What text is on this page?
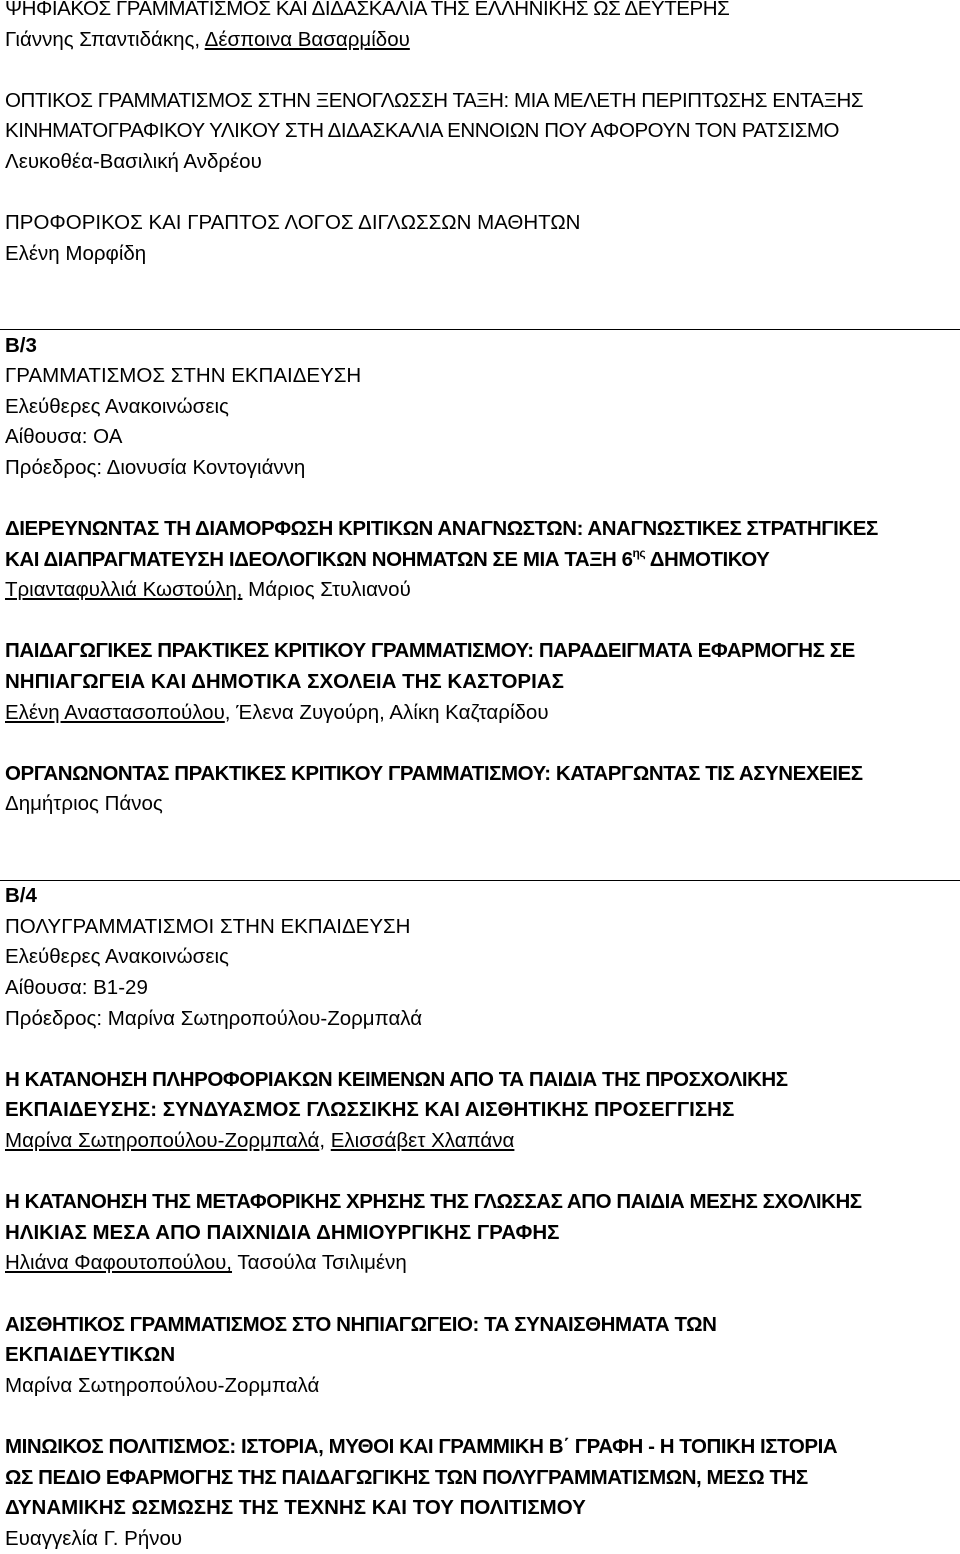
ΨΗΦΙΑΚΟΣ ΓΡΑΜΜΑΤΙΣΜΟΣ ΚΑΙ ΔΙΔΑΣΚΑΛΙΑ ΤΗΣ ΕΛΛΗΝΙΚΗΣ ΩΣ ΔΕΥΤΕΡΗΣ
Γιάννης Σπαντιδάκης, Δέσποινα Βασαρμίδου
ΟΠΤΙΚΟΣ ΓΡΑΜΜΑΤΙΣΜΟΣ ΣΤΗΝ ΞΕΝΟΓΛΩΣΣΗ ΤΑΞΗ: ΜΙΑ ΜΕΛΕΤΗ ΠΕΡΙΠΤΩΣΗΣ ΕΝΤΑΞΗΣ
ΚΙΝΗΜΑΤΟΓΡΑΦΙΚΟΥ ΥΛΙΚΟΥ ΣΤΗ ΔΙΔΑΣΚΑΛΙΑ ΕΝΝΟΙΩΝ ΠΟΥ ΑΦΟΡΟΥΝ ΤΟΝ ΡΑΤΣΙΣΜΟ
Λευκοθέα-Βασιλική Ανδρέου
ΠΡΟΦΟΡΙΚΟΣ ΚΑΙ ΓΡΑΠΤΟΣ ΛΟΓΟΣ ΔΙΓΛΩΣΣΩΝ ΜΑΘΗΤΩΝ
Ελένη Μορφίδη
Β/3
ΓΡΑΜΜΑΤΙΣΜΟΣ ΣΤΗΝ ΕΚΠΑΙΔΕΥΣΗ
Ελεύθερες Ανακοινώσεις
Αίθουσα: ΟΑ
Πρόεδρος: Διονυσία Κοντογιάννη
ΔΙΕΡΕΥΝΩΝΤΑΣ ΤΗ ΔΙΑΜΟΡΦΩΣΗ ΚΡΙΤΙΚΩΝ ΑΝΑΓΝΩΣΤΩΝ: ΑΝΑΓΝΩΣΤΙΚΕΣ ΣΤΡΑΤΗΓΙΚΕΣ
ΚΑΙ ΔΙΑΠΡΑΓΜΑΤΕΥΣΗ ΙΔΕΟΛΟΓΙΚΩΝ ΝΟΗΜΑΤΩΝ ΣΕ ΜΙΑ ΤΑΞΗ $6^{\eta\varsigma}$ ΔΗΜΟΤΙΚΟΥ
Τριανταφυλλιά Κωστούλη, Μάριος Στυλιανού
ΠΑΙΔΑΓΩΓΙΚΕΣ ΠΡΑΚΤΙΚΕΣ ΚΡΙΤΙΚΟΥ ΓΡΑΜΜΑΤΙΣΜΟΥ: ΠΑΡΑΔΕΙΓΜΑΤΑ ΕΦΑΡΜΟΓΗΣ ΣΕ
ΝΗΠΙΑΓΩΓΕΙΑ ΚΑΙ ΔΗΜΟΤΙΚΑ ΣΧΟΛΕΙΑ ΤΗΣ ΚΑΣΤΟΡΙΑΣ
Ελένη Αναστασοπούλου, Έλενα Ζυγούρη, Αλίκη Καζταρίδου
ΟΡΓΑΝΩΝΟΝΤΑΣ ΠΡΑΚΤΙΚΕΣ ΚΡΙΤΙΚΟΥ ΓΡΑΜΜΑΤΙΣΜΟΥ: ΚΑΤΑΡΓΩΝΤΑΣ ΤΙΣ ΑΣΥΝΕΧΕΙΕΣ
Δημήτριος Πάνος
Β/4
ΠΟΛΥΓΡΑΜΜΑΤΙΣΜΟΙ ΣΤΗΝ ΕΚΠΑΙΔΕΥΣΗ
Ελεύθερες Ανακοινώσεις
Αίθουσα: Β1-29
Πρόεδρος: Μαρίνα Σωτηροπούλου-Ζορμπαλά
Η ΚΑΤΑΝΟΗΣΗ ΠΛΗΡΟΦΟΡΙΑΚΩΝ ΚΕΙΜΕΝΩΝ ΑΠΟ ΤΑ ΠΑΙΔΙΑ ΤΗΣ ΠΡΟΣΧΟΛΙΚΗΣ
ΕΚΠΑΙΔΕΥΣΗΣ: ΣΥΝΔΥΑΣΜΟΣ ΓΛΩΣΣΙΚΗΣ ΚΑΙ ΑΙΣΘΗΤΙΚΗΣ ΠΡΟΣΕΓΓΙΣΗΣ
Μαρίνα Σωτηροπούλου-Ζορμπαλά, Ελισσάβετ Χλαπάνα
Η ΚΑΤΑΝΟΗΣΗ ΤΗΣ ΜΕΤΑΦΟΡΙΚΗΣ ΧΡΗΣΗΣ ΤΗΣ ΓΛΩΣΣΑΣ ΑΠΟ ΠΑΙΔΙΑ ΜΕΣΗΣ ΣΧΟΛΙΚΗΣ
ΗΛΙΚΙΑΣ ΜΕΣΑ ΑΠΟ ΠΑΙΧΝΙΔΙΑ ΔΗΜΙΟΥΡΓΙΚΗΣ ΓΡΑΦΗΣ
Ηλιάνα Φαφουτοπούλου, Τασούλα Τσιλιμένη
ΑΙΣΘΗΤΙΚΟΣ ΓΡΑΜΜΑΤΙΣΜΟΣ ΣΤΟ ΝΗΠΙΑΓΩΓΕΙΟ: ΤΑ ΣΥΝΑΙΣΘΗΜΑΤΑ ΤΩΝ
ΕΚΠΑΙΔΕΥΤΙΚΩΝ
Μαρίνα Σωτηροπούλου-Ζορμπαλά
ΜΙΝΩΙΚΟΣ ΠΟΛΙΤΙΣΜΟΣ: ΙΣΤΟΡΙΑ, ΜΥΘΟΙ ΚΑΙ ΓΡΑΜΜΙΚΗ Β΄ ΓΡΑΦΗ - Η ΤΟΠΙΚΗ ΙΣΤΟΡΙΑ
ΩΣ ΠΕΔΙΟ ΕΦΑΡΜΟΓΗΣ ΤΗΣ ΠΑΙΔΑΓΩΓΙΚΗΣ ΤΩΝ ΠΟΛΥΓΡΑΜΜΑΤΙΣΜΩΝ, ΜΕΣΩ ΤΗΣ
ΔΥΝΑΜΙΚΗΣ ΩΣΜΩΣΗΣ ΤΗΣ ΤΕΧΝΗΣ ΚΑΙ ΤΟΥ ΠΟΛΙΤΙΣΜΟΥ
Ευαγγελία Γ. Ρήνου
